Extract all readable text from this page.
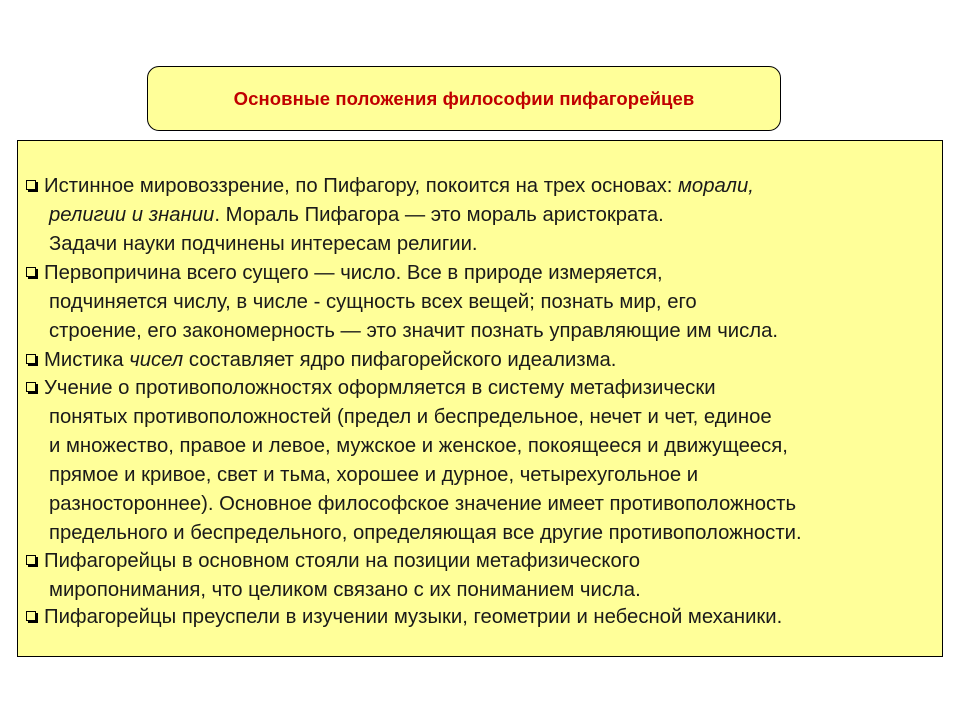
Основные положения философии пифагорейцев
Истинное мировоззрение, по Пифагору, покоится на трех основах: морали,
религии и знании. Мораль Пифагора — это мораль аристократа.
Задачи науки подчинены интересам религии.
Первопричина всего сущего — число. Все в природе измеряется,
подчиняется числу, в числе - сущность всех вещей; познать мир, его
строение, его закономерность — это значит познать управляющие им числа.
Мистика чисел составляет ядро пифагорейского идеализма.
Учение о противоположностях оформляется в систему метафизически
понятых противоположностей (предел и беспредельное, нечет и чет, единое
и множество, правое и левое, мужское и женское, покоящееся и движущееся,
прямое и кривое, свет и тьма, хорошее и дурное, четырехугольное и
разностороннее). Основное философское значение имеет противоположность
предельного и беспредельного, определяющая все другие противоположности.
Пифагорейцы в основном стояли на позиции метафизического
миропонимания, что целиком связано с их пониманием числа.
Пифагорейцы преуспели в изучении музыки, геометрии и небесной механики.
